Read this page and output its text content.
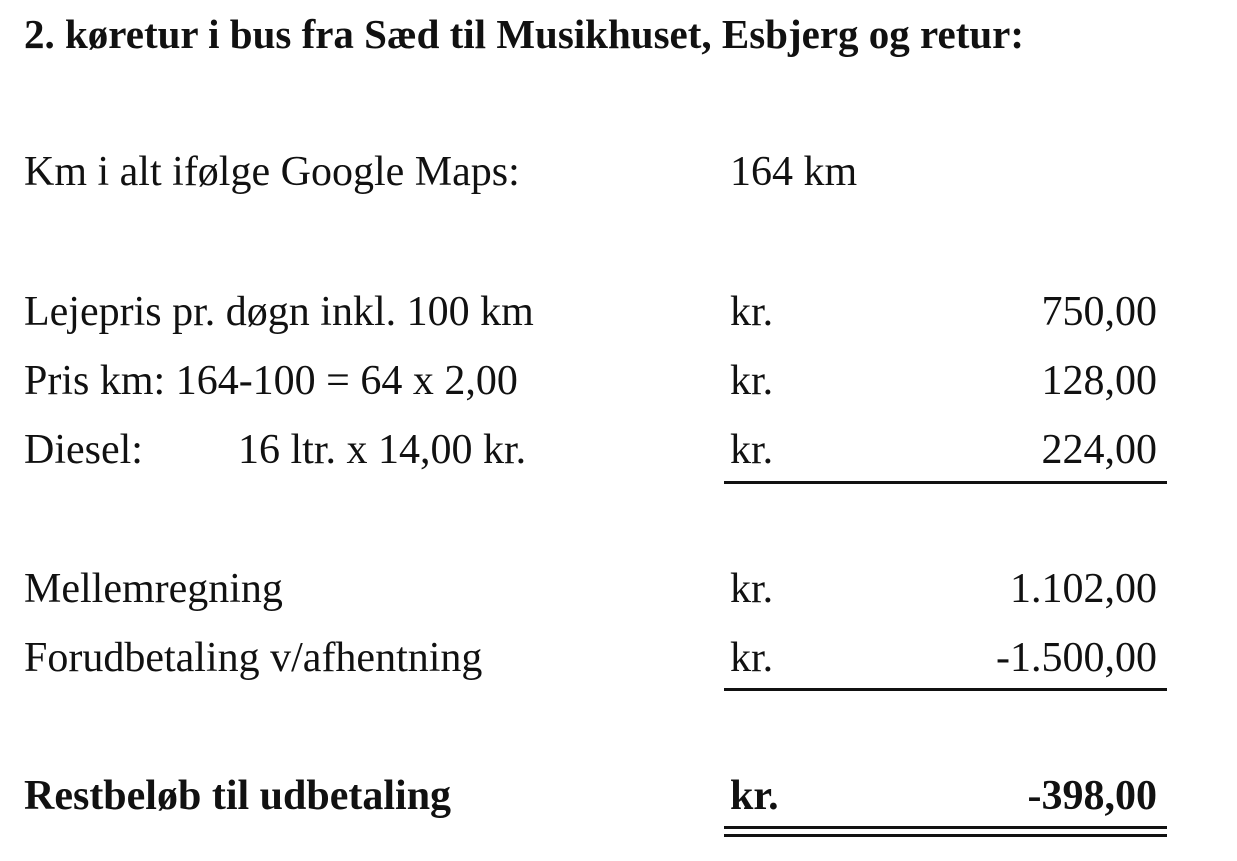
2. køretur i bus fra Sæd til Musikhuset, Esbjerg og retur:
Km i alt ifølge Google Maps:	164 km
Lejepris pr. døgn inkl. 100 km	kr.	750,00
Pris km: 164-100 = 64 x 2,00	kr.	128,00
Diesel: 16 ltr. x 14,00 kr.	kr.	224,00
Mellemregning	kr.	1.102,00
Forudbetaling v/afhentning	kr.	-1.500,00
Restbeløb til udbetaling	kr.	-398,00
